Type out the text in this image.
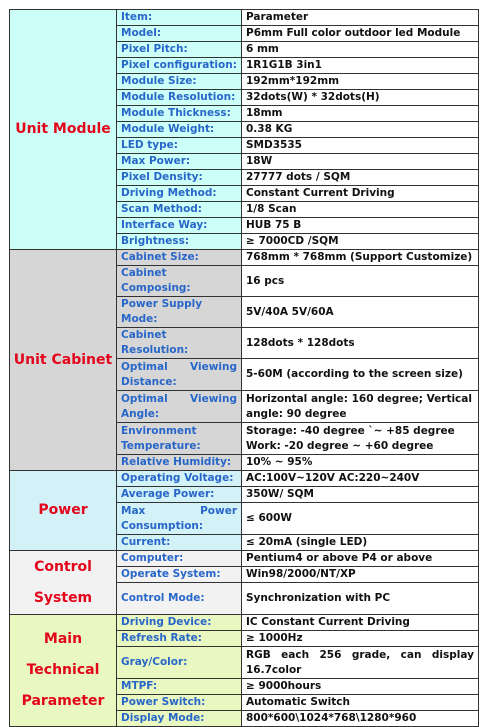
Unit Module	Item:	Parameter
	Model:	P6mm Full color outdoor led Module
	Pixel Pitch:	6 mm
	Pixel configuration:	1R1G1B 3in1
	Module Size:	192mm*192mm
	Module Resolution:	32dots(W) * 32dots(H)
	Module Thickness:	18mm
	Module Weight:	0.38 KG
	LED type:	SMD3535
	Max Power:	18W
	Pixel Density:	27777 dots / SQM
	Driving Method:	Constant Current Driving
	Scan Method:	1/8 Scan
	Interface Way:	HUB 75 B
	Brightness:	≥ 7000CD /SQM
Unit Cabinet	Cabinet Size:	768mm * 768mm (Support Customize)
	Cabinet Composing:	16 pcs
	Power Supply Mode:	5V/40A 5V/60A
	Cabinet Resolution:	128dots * 128dots
	Optimal Viewing Distance:	5-60M (according to the screen size)
	Optimal Viewing Angle:	Horizontal angle: 160 degree; Vertical angle: 90 degree
	Environment Temperature:	Storage: -40 degree `~ +85 degree Work: -20 degree ~ +60 degree
	Relative Humidity:	10% ~ 95%
Power	Operating Voltage:	AC:100V~120V AC:220~240V
	Average Power:	350W/ SQM
	Max Power Consumption:	≤ 600W
	Current:	≤ 20mA (single LED)
Control System	Computer:	Pentium4 or above P4 or above
	Operate System:	Win98/2000/NT/XP
	Control Mode:	Synchronization with PC
Main Technical Parameter	Driving Device:	IC Constant Current Driving
	Refresh Rate:	≥ 1000Hz
	Gray/Color:	RGB each 256 grade, can display 16.7color
	MTPF:	≥ 9000hours
	Power Switch:	Automatic Switch
	Display Mode:	800*600\1024*768\1280*960
